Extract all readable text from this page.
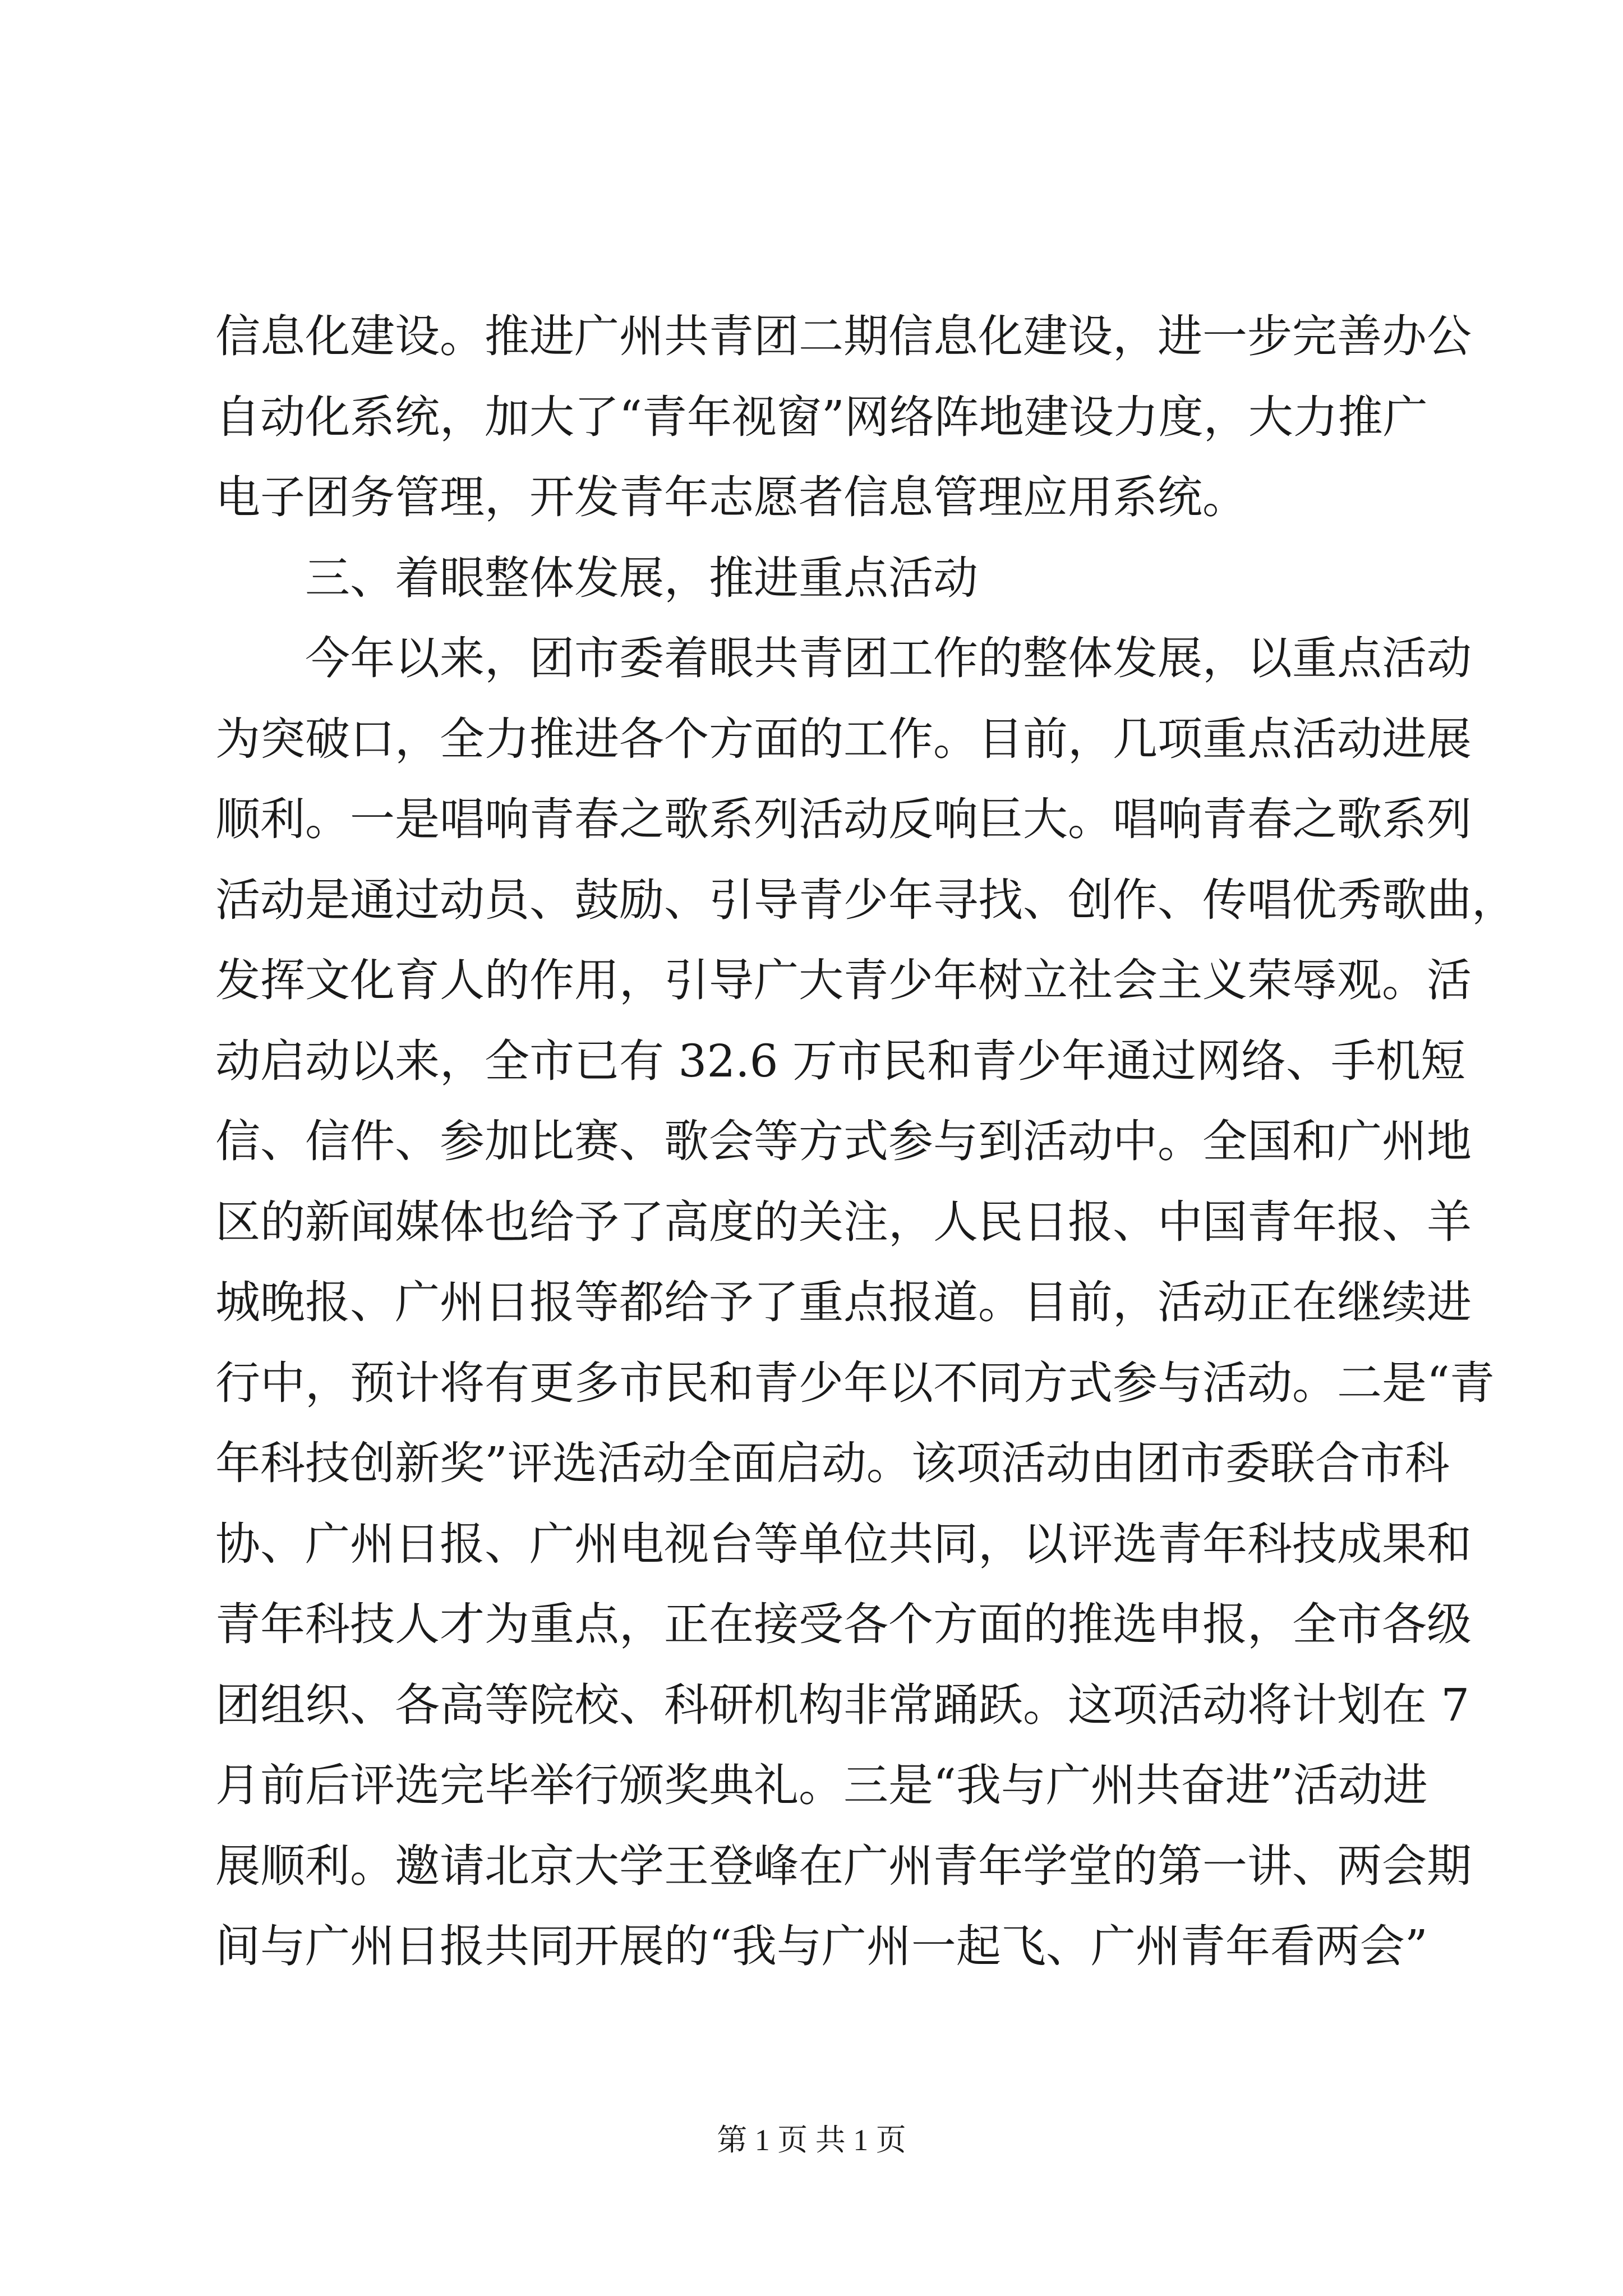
信息化建设。推进广州共青团二期信息化建设，进一步完善办公
自动化系统，加大了“青年视窗”网络阵地建设力度，大力推广
电子团务管理，开发青年志愿者信息管理应用系统。
三、着眼整体发展，推进重点活动
今年以来，团市委着眼共青团工作的整体发展，以重点活动
为突破口，全力推进各个方面的工作。目前，几项重点活动进展
顺利。一是唱响青春之歌系列活动反响巨大。唱响青春之歌系列
活动是通过动员、鼓励、引导青少年寻找、创作、传唱优秀歌曲，
发挥文化育人的作用，引导广大青少年树立社会主义荣辱观。活
动启动以来，全市已有 32.6 万市民和青少年通过网络、手机短
信、信件、参加比赛、歌会等方式参与到活动中。全国和广州地
区的新闻媒体也给予了高度的关注，人民日报、中国青年报、羊
城晚报、广州日报等都给予了重点报道。目前，活动正在继续进
行中，预计将有更多市民和青少年以不同方式参与活动。二是“青
年科技创新奖”评选活动全面启动。该项活动由团市委联合市科
协、广州日报、广州电视台等单位共同，以评选青年科技成果和
青年科技人才为重点，正在接受各个方面的推选申报，全市各级
团组织、各高等院校、科研机构非常踊跃。这项活动将计划在 7
月前后评选完毕举行颁奖典礼。三是“我与广州共奋进”活动进
展顺利。邀请北京大学王登峰在广州青年学堂的第一讲、两会期
间与广州日报共同开展的“我与广州一起飞、广州青年看两会”
第 1 页 共 1 页
